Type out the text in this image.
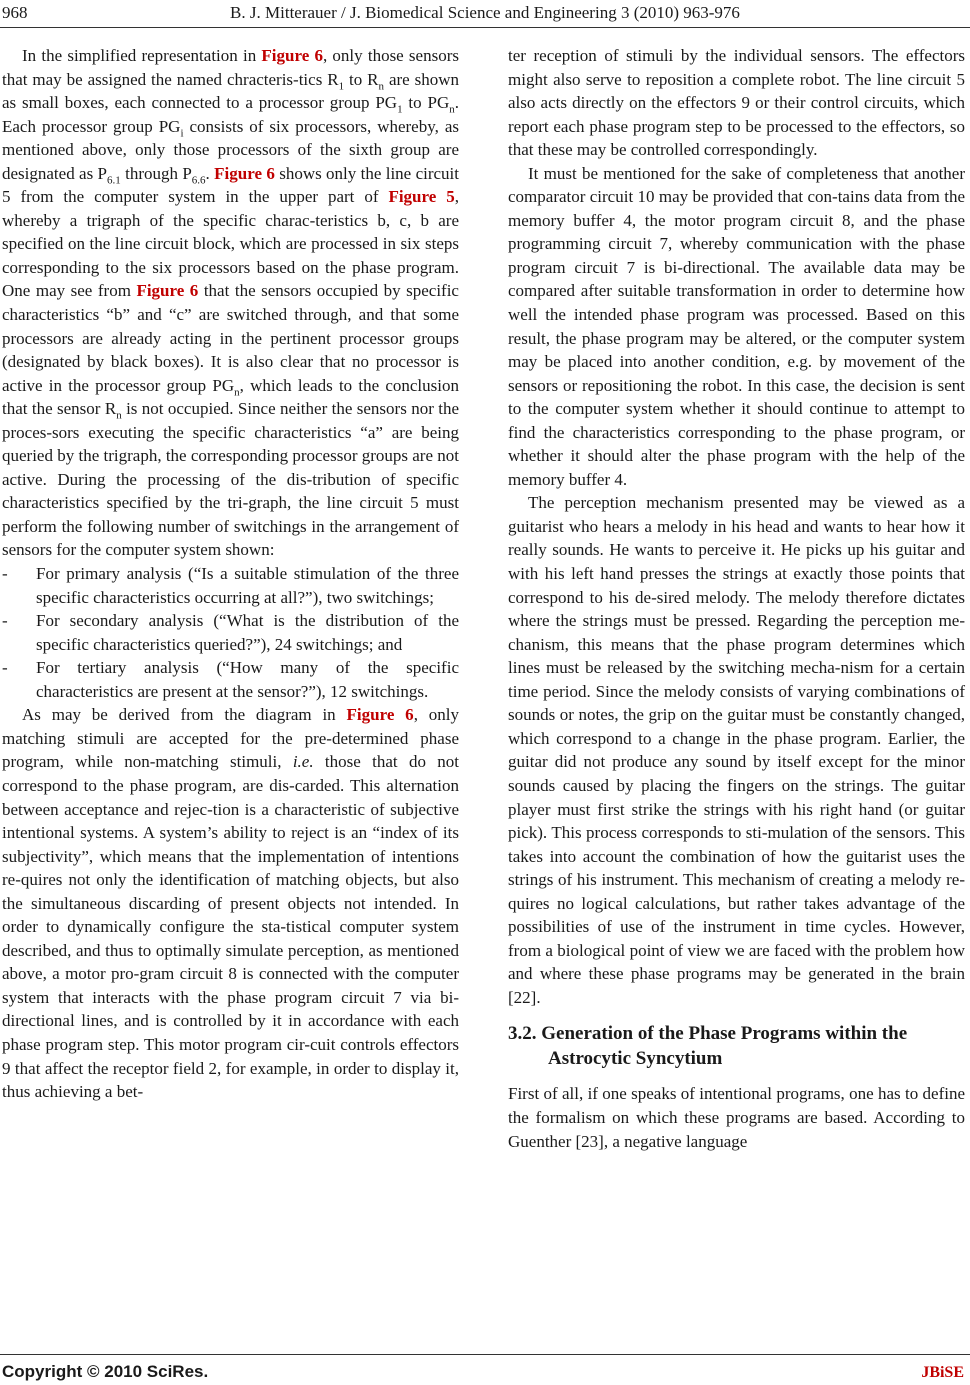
968	B. J. Mitterauer / J. Biomedical Science and Engineering 3 (2010) 963-976

In the simplified representation in Figure 6, only those sensors that may be assigned the named chracteris-tics $R_1$ to $R_n$ are shown as small boxes, each connected to a processor group $PG_1$ to $PG_n$. Each processor group $PG_i$ consists of six processors, whereby, as mentioned above, only those processors of the sixth group are designated as $P_{6.1}$ through $P_{6.6}$. Figure 6 shows only the line circuit 5 from the computer system in the upper part of Figure 5, whereby a trigraph of the specific charac-teristics b, c, b are specified on the line circuit block, which are processed in six steps corresponding to the six processors based on the phase program. One may see from Figure 6 that the sensors occupied by specific characteristics “b” and “c” are switched through, and that some processors are already acting in the pertinent processor groups (designated by black boxes). It is also clear that no processor is active in the processor group $PG_n$, which leads to the conclusion that the sensor $R_n$ is not occupied. Since neither the sensors nor the proces-sors executing the specific characteristics “a” are being queried by the trigraph, the corresponding processor groups are not active. During the processing of the dis-tribution of specific characteristics specified by the tri-graph, the line circuit 5 must perform the following number of switchings in the arrangement of sensors for the computer system shown:

- For primary analysis (“Is a suitable stimulation of the three specific characteristics occurring at all?”), two switchings;
- For secondary analysis (“What is the distribution of the specific characteristics queried?”), 24 switchings; and
- For tertiary analysis (“How many of the specific characteristics are present at the sensor?”), 12 switchings.

As may be derived from the diagram in Figure 6, only matching stimuli are accepted for the pre-determined phase program, while non-matching stimuli, i.e. those that do not correspond to the phase program, are dis-carded. This alternation between acceptance and rejec-tion is a characteristic of subjective intentional systems. A system’s ability to reject is an “index of its subjectivity”, which means that the implementation of intentions re-quires not only the identification of matching objects, but also the simultaneous discarding of present objects not intended. In order to dynamically configure the sta-tistical computer system described, and thus to optimally simulate perception, as mentioned above, a motor pro-gram circuit 8 is connected with the computer system that interacts with the phase program circuit 7 via bi-directional lines, and is controlled by it in accordance with each phase program step. This motor program cir-cuit controls effectors 9 that affect the receptor field 2, for example, in order to display it, thus achieving a bet-

ter reception of stimuli by the individual sensors. The effectors might also serve to reposition a complete robot. The line circuit 5 also acts directly on the effectors 9 or their control circuits, which report each phase program step to be processed to the effectors, so that these may be controlled correspondingly.

It must be mentioned for the sake of completeness that another comparator circuit 10 may be provided that con-tains data from the memory buffer 4, the motor program circuit 8, and the phase programming circuit 7, whereby communication with the phase program circuit 7 is bi-directional. The available data may be compared after suitable transformation in order to determine how well the intended phase program was processed. Based on this result, the phase program may be altered, or the computer system may be placed into another condition, e.g. by movement of the sensors or repositioning the robot. In this case, the decision is sent to the computer system whether it should continue to attempt to find the characteristics corresponding to the phase program, or whether it should alter the phase program with the help of the memory buffer 4.

The perception mechanism presented may be viewed as a guitarist who hears a melody in his head and wants to hear how it really sounds. He wants to perceive it. He picks up his guitar and with his left hand presses the strings at exactly those points that correspond to his de-sired melody. The melody therefore dictates where the strings must be pressed. Regarding the perception me-chanism, this means that the phase program determines which lines must be released by the switching mecha-nism for a certain time period. Since the melody consists of varying combinations of sounds or notes, the grip on the guitar must be constantly changed, which correspond to a change in the phase program. Earlier, the guitar did not produce any sound by itself except for the minor sounds caused by placing the fingers on the strings. The guitar player must first strike the strings with his right hand (or guitar pick). This process corresponds to sti-mulation of the sensors. This takes into account the combination of how the guitarist uses the strings of his instrument. This mechanism of creating a melody re-quires no logical calculations, but rather takes advantage of the possibilities of use of the instrument in time cycles. However, from a biological point of view we are faced with the problem how and where these phase programs may be generated in the brain [22].

3.2. Generation of the Phase Programs within the Astrocytic Syncytium

First of all, if one speaks of intentional programs, one has to define the formalism on which these programs are based. According to Guenther [23], a negative language

Copyright © 2010 SciRes.	JBiSE
